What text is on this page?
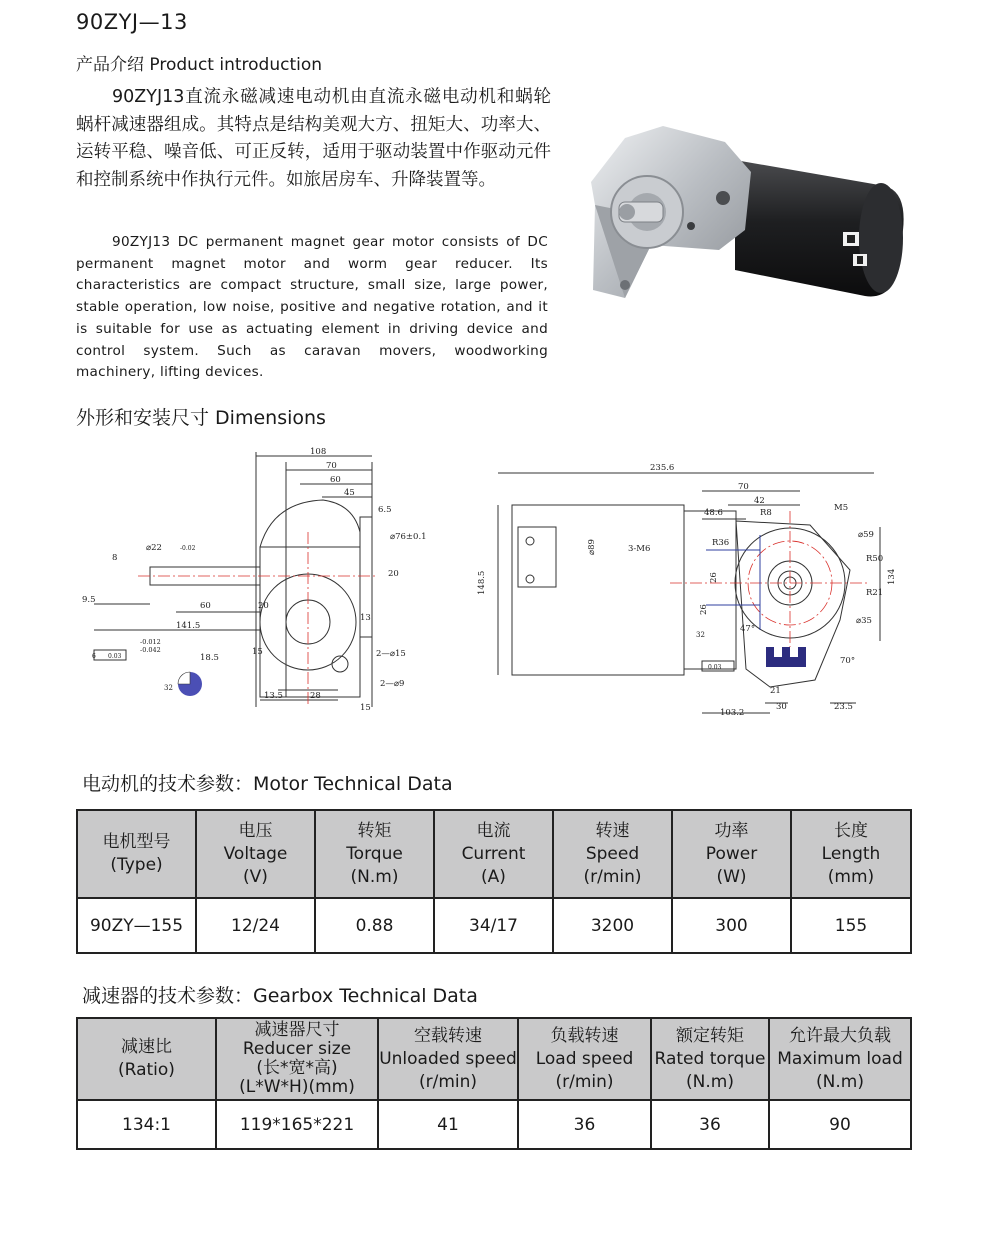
90ZYJ—13
产品介绍 Product introduction
90ZYJ13直流永磁减速电动机由直流永磁电动机和蜗轮蜗杆减速器组成。其特点是结构美观大方、扭矩大、功率大、运转平稳、噪音低、可正反转，适用于驱动装置中作驱动元件和控制系统中作执行元件。如旅居房车、升降装置等。
90ZYJ13 DC permanent magnet gear motor consists of DC permanent magnet motor and worm gear reducer. Its characteristics are compact structure, small size, large power, stable operation, low noise, positive and negative rotation, and it is suitable for use as actuating element in driving device and control system. Such as caravan movers, woodworking machinery, lifting devices.
外形和安装尺寸 Dimensions
108
70
60
45
6.5
⌀76±0.1
⌀22	-0.02
8
9.5
60	20
141.5
-0.012
-0.042
18.5
15
13
2—⌀15
2—⌀9
13.5	28
15
20
6 0.03
32
235.6
70
42
48.6	R8	M5
⌀59
R36
3-M6
⌀89
148.5
R50
134
R21
⌀35
26
26
103.2
21
30	23.5
70°
47°
0.03
32
电动机的技术参数：Motor Technical Data
电机型号
(Type)	电压
Voltage
(V)	转矩
Torque
(N.m)	电流
Current
(A)	转速
Speed
(r/min)	功率
Power
(W)	长度
Length
(mm)

90ZY—155	12/24	0.88	34/17	3200	300	155
减速器的技术参数：Gearbox Technical Data
减速比
(Ratio)	减速器尺寸
Reducer size
(长*宽*高)
(L*W*H)(mm)	空载转速
Unloaded speed
(r/min)	负载转速
Load speed
(r/min)	额定转矩
Rated torque
(N.m)	允许最大负载
Maximum load
(N.m)

134:1	119*165*221	41	36	36	90
